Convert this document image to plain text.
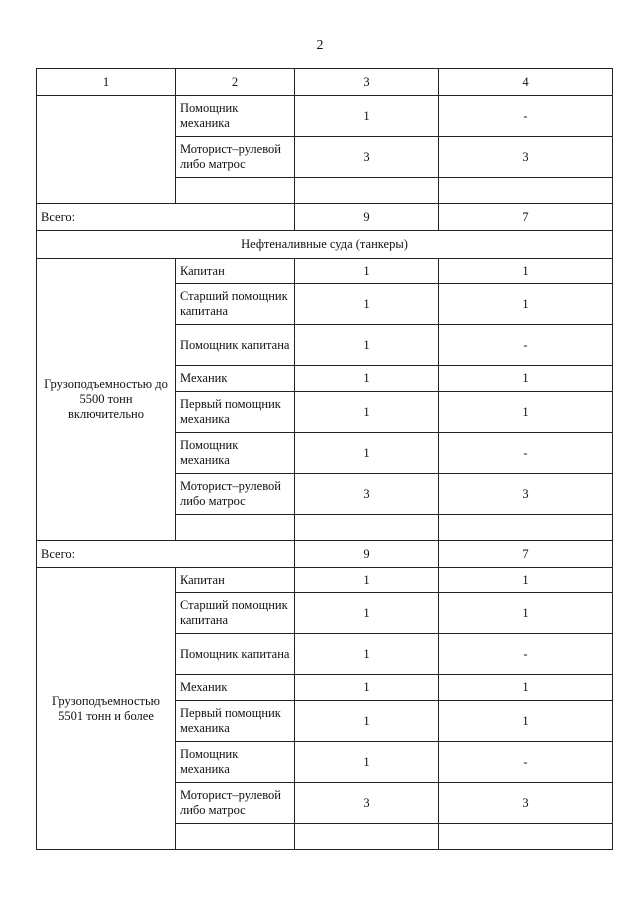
2
1	2	3	4
	Помощник механика	1	-
	Моторист–рулевой либо матрос	3	3

Всего:		9	7
Нефтеналивные суда (танкеры)			
Грузоподъемностью до 5500 тонн включительно	Капитан	1	1
	Старший помощник капитана	1	1
	Помощник капитана	1	-
	Механик	1	1
	Первый помощник механика	1	1
	Помощник механика	1	-
	Моторист–рулевой либо матрос	3	3

Всего:		9	7
Грузоподъемностью 5501 тонн и более	Капитан	1	1
	Старший помощник капитана	1	1
	Помощник капитана	1	-
	Механик	1	1
	Первый помощник механика	1	1
	Помощник механика	1	-
	Моторист–рулевой либо матрос	3	3
